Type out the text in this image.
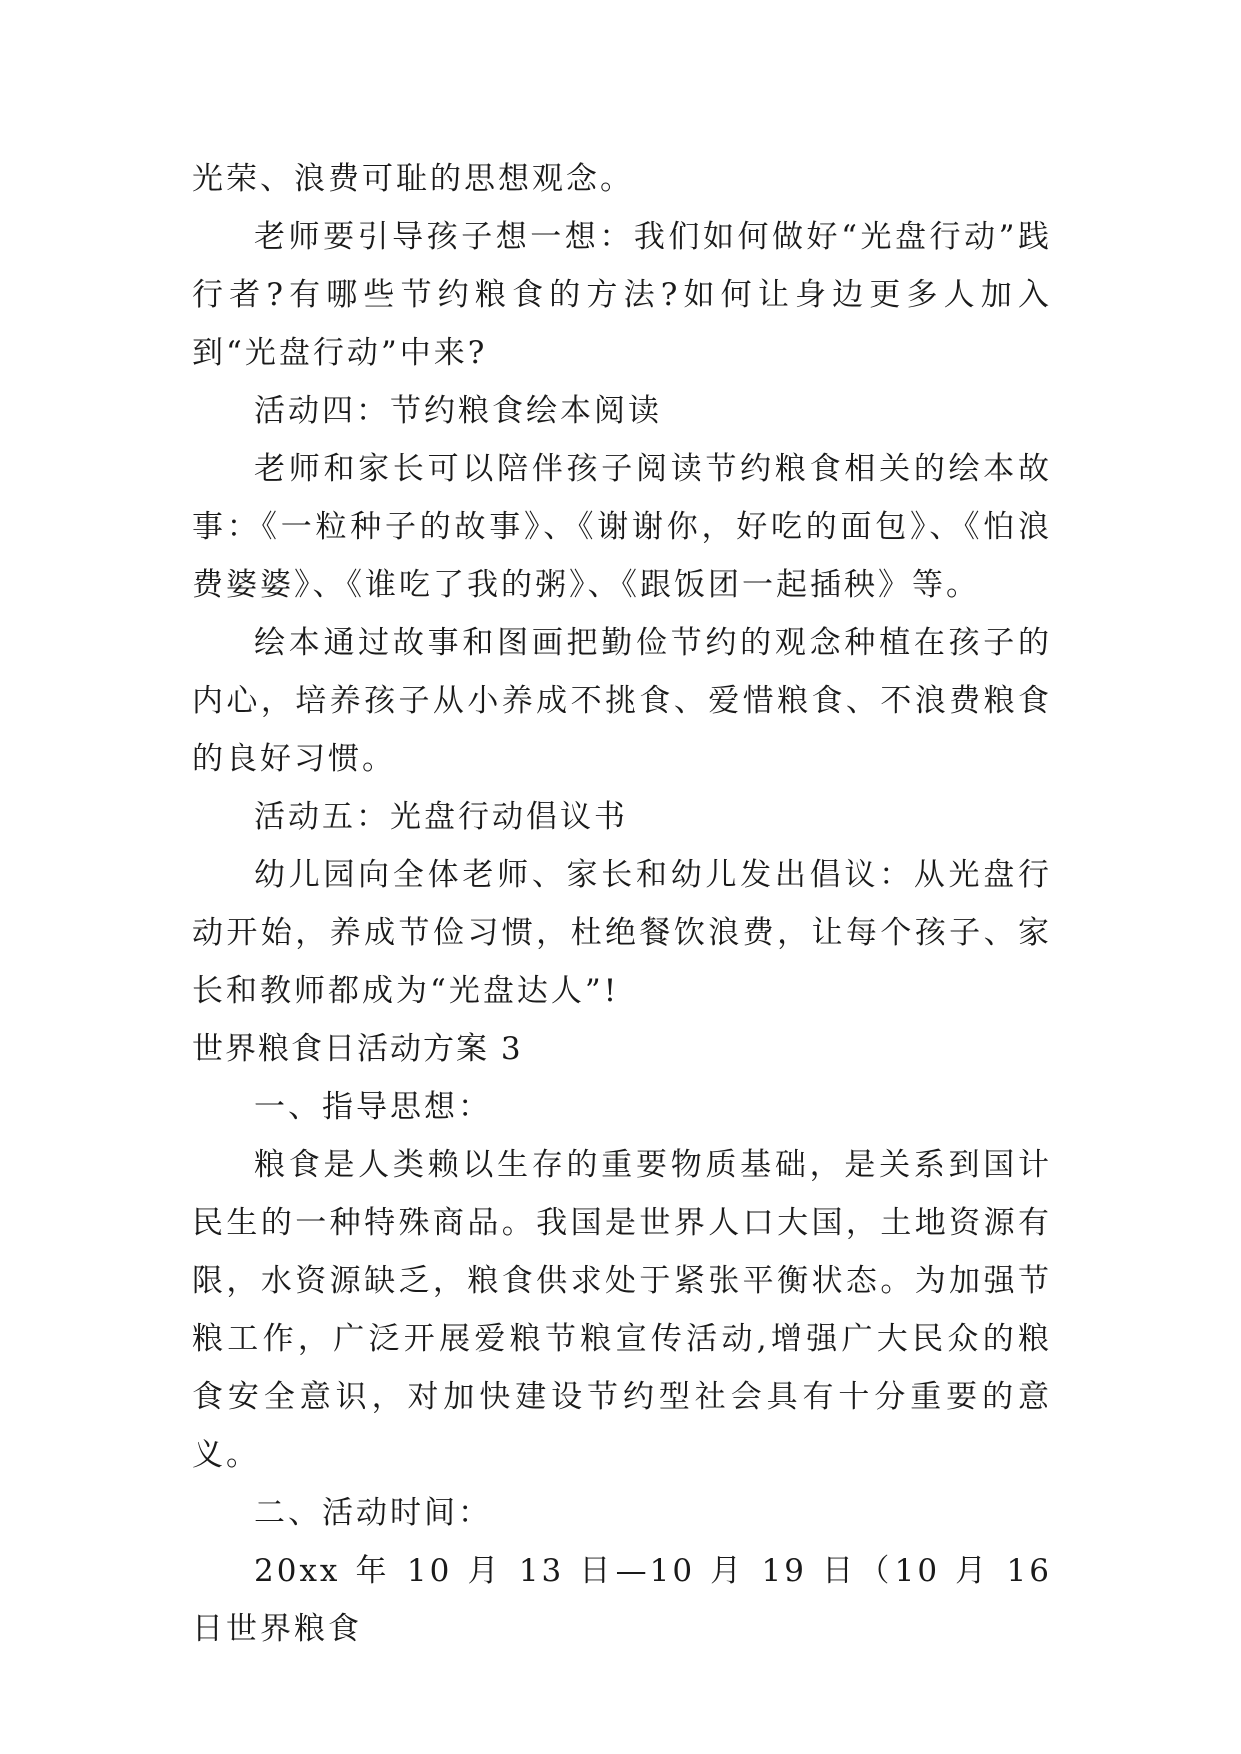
光荣、浪费可耻的思想观念。

老师要引导孩子想一想：我们如何做好“光盘行动”践行者?有哪些节约粮食的方法?如何让身边更多人加入到“光盘行动”中来?

活动四：节约粮食绘本阅读

老师和家长可以陪伴孩子阅读节约粮食相关的绘本故事：《一粒种子的故事》、《谢谢你，好吃的面包》、《怕浪费婆婆》、《谁吃了我的粥》、《跟饭团一起插秧》等。

绘本通过故事和图画把勤俭节约的观念种植在孩子的内心，培养孩子从小养成不挑食、爱惜粮食、不浪费粮食的良好习惯。

活动五：光盘行动倡议书

幼儿园向全体老师、家长和幼儿发出倡议：从光盘行动开始，养成节俭习惯，杜绝餐饮浪费，让每个孩子、家长和教师都成为“光盘达人”!

世界粮食日活动方案 3

一、指导思想：

粮食是人类赖以生存的重要物质基础，是关系到国计民生的一种特殊商品。我国是世界人口大国，土地资源有限，水资源缺乏，粮食供求处于紧张平衡状态。为加强节粮工作，广泛开展爱粮节粮宣传活动,增强广大民众的粮食安全意识，对加快建设节约型社会具有十分重要的意义。

二、活动时间：

20xx 年 10 月 13 日—10 月 19 日（10 月 16 日世界粮食
